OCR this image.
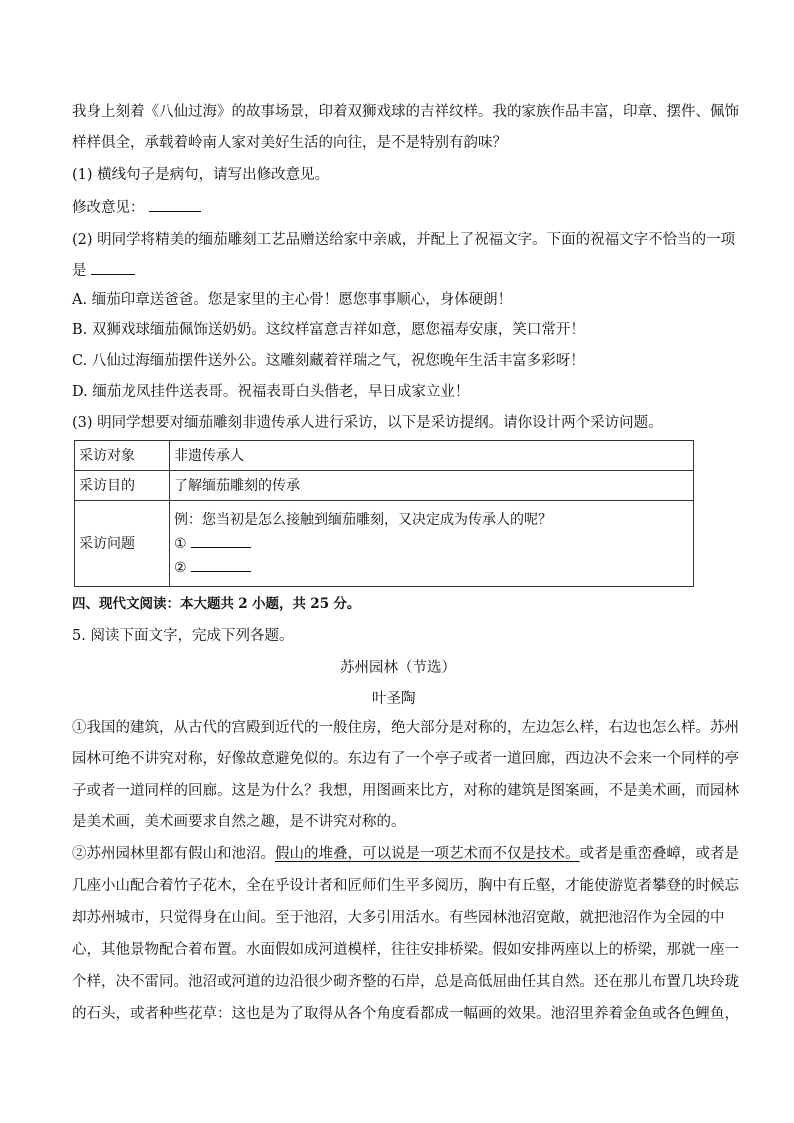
我身上刻着《八仙过海》的故事场景，印着双狮戏球的吉祥纹样。我的家族作品丰富，印章、摆件、佩饰
样样俱全，承载着岭南人家对美好生活的向往，是不是特别有韵味？
(1) 横线句子是病句，请写出修改意见。
修改意见：
(2) 明同学将精美的缅茄雕刻工艺品赠送给家中亲戚，并配上了祝福文字。下面的祝福文字不恰当的一项
是
A. 缅茄印章送爸爸。您是家里的主心骨！愿您事事顺心，身体硬朗！
B. 双狮戏球缅茄佩饰送奶奶。这纹样富意吉祥如意，愿您福寿安康，笑口常开！
C. 八仙过海缅茄摆件送外公。这雕刻藏着祥瑞之气，祝您晚年生活丰富多彩呀！
D. 缅茄龙凤挂件送表哥。祝福表哥白头偕老，早日成家立业！
(3) 明同学想要对缅茄雕刻非遗传承人进行采访，以下是采访提纲。请你设计两个采访问题。
采访对象	非遗传承人
采访目的	了解缅茄雕刻的传承
采访问题	例：您当初是怎么接触到缅茄雕刻，又决定成为传承人的呢？
①
②
四、现代文阅读：本大题共 2 小题，共 25 分。
5. 阅读下面文字，完成下列各题。
苏州园林（节选）
叶圣陶
①我国的建筑，从古代的宫殿到近代的一般住房，绝大部分是对称的，左边怎么样，右边也怎么样。苏州
园林可绝不讲究对称，好像故意避免似的。东边有了一个亭子或者一道回廊，西边决不会来一个同样的亭
子或者一道同样的回廊。这是为什么？我想，用图画来比方，对称的建筑是图案画，不是美术画，而园林
是美术画，美术画要求自然之趣，是不讲究对称的。
②苏州园林里都有假山和池沼。假山的堆叠，可以说是一项艺术而不仅是技术。或者是重峦叠嶂，或者是
几座小山配合着竹子花木，全在乎设计者和匠师们生平多阅历，胸中有丘壑，才能使游览者攀登的时候忘
却苏州城市，只觉得身在山间。至于池沼，大多引用活水。有些园林池沼宽敞，就把池沼作为全园的中
心，其他景物配合着布置。水面假如成河道模样，往往安排桥梁。假如安排两座以上的桥梁，那就一座一
个样，决不雷同。池沼或河道的边沿很少砌齐整的石岸，总是高低屈曲任其自然。还在那儿布置几块玲珑
的石头，或者种些花草：这也是为了取得从各个角度看都成一幅画的效果。池沼里养着金鱼或各色鲤鱼，
